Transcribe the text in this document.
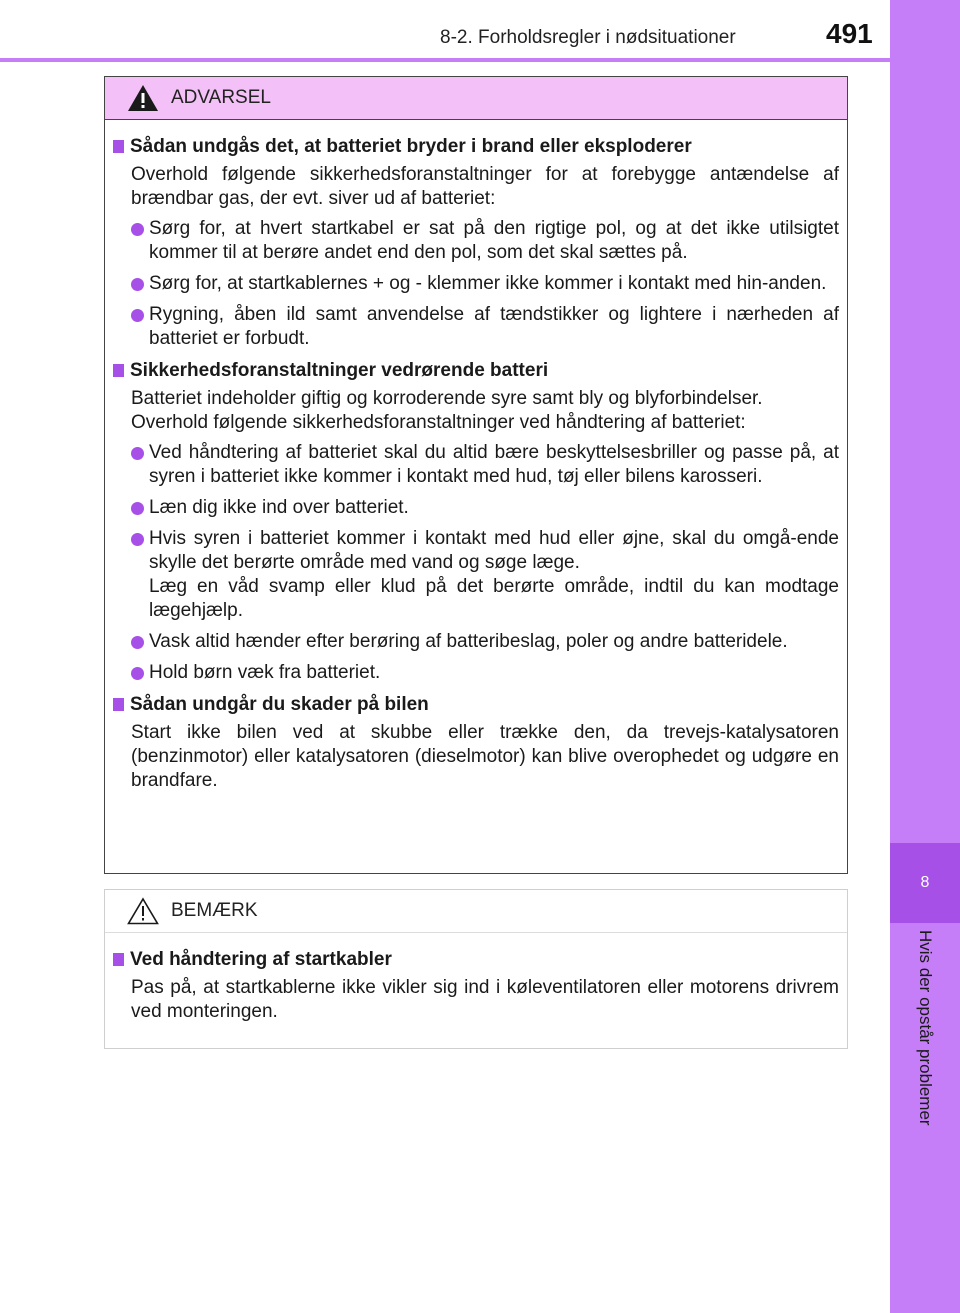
8
Hvis der opstår problemer
8-2. Forholdsregler i nødsituationer	491
ADVARSEL
Sådan undgås det, at batteriet bryder i brand eller eksploderer
Overhold følgende sikkerhedsforanstaltninger for at forebygge antændelse af brændbar gas, der evt. siver ud af batteriet:
Sørg for, at hvert startkabel er sat på den rigtige pol, og at det ikke utilsigtet kommer til at berøre andet end den pol, som det skal sættes på.
Sørg for, at startkablernes + og - klemmer ikke kommer i kontakt med hin-anden.
Rygning, åben ild samt anvendelse af tændstikker og lightere i nærheden af batteriet er forbudt.
Sikkerhedsforanstaltninger vedrørende batteri
Batteriet indeholder giftig og korroderende syre samt bly og blyforbindelser.
Overhold følgende sikkerhedsforanstaltninger ved håndtering af batteriet:
Ved håndtering af batteriet skal du altid bære beskyttelsesbriller og passe på, at syren i batteriet ikke kommer i kontakt med hud, tøj eller bilens karosseri.
Læn dig ikke ind over batteriet.
Hvis syren i batteriet kommer i kontakt med hud eller øjne, skal du omgå-ende skylle det berørte område med vand og søge læge.
Læg en våd svamp eller klud på det berørte område, indtil du kan modtage lægehjælp.
Vask altid hænder efter berøring af batteribeslag, poler og andre batteridele.
Hold børn væk fra batteriet.
Sådan undgår du skader på bilen
Start ikke bilen ved at skubbe eller trække den, da trevejs-katalysatoren (benzinmotor) eller katalysatoren (dieselmotor) kan blive overophedet og udgøre en brandfare.
BEMÆRK
Ved håndtering af startkabler
Pas på, at startkablerne ikke vikler sig ind i køleventilatoren eller motorens drivrem ved monteringen.
